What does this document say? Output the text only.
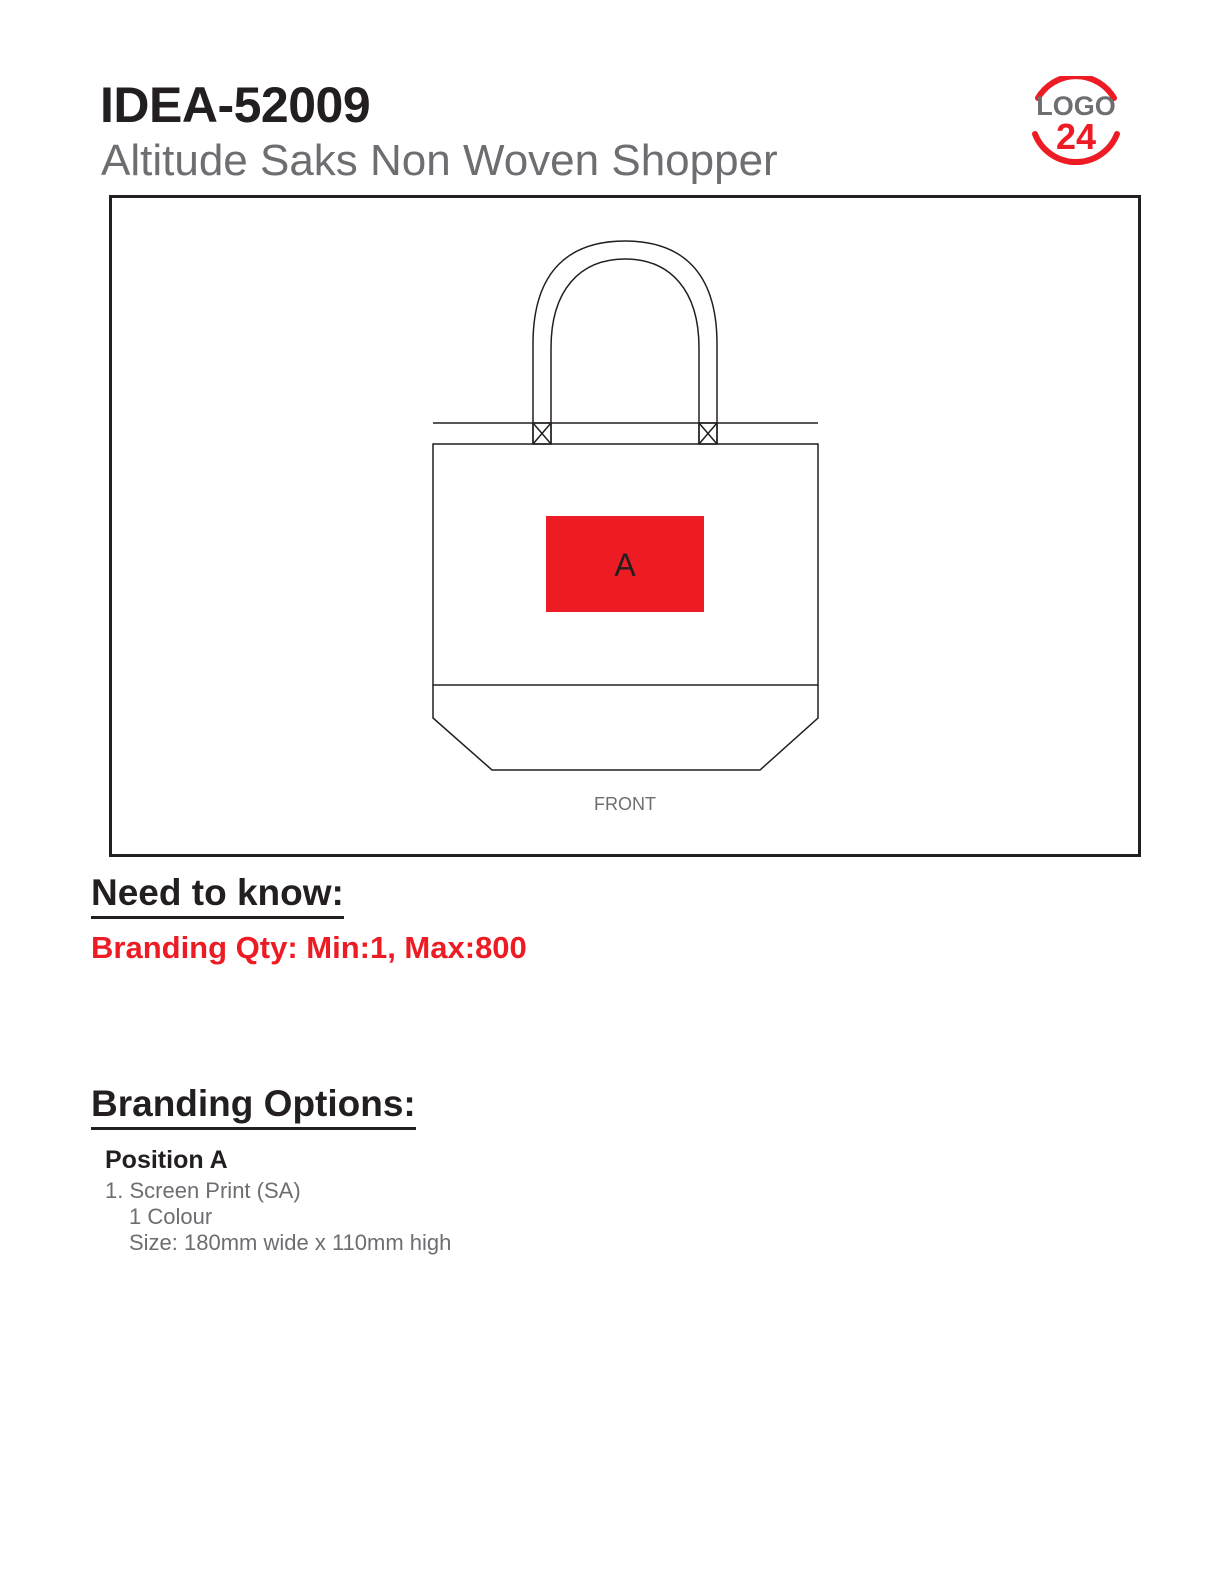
IDEA-52009
Altitude Saks Non Woven Shopper
LOGO
24
A
FRONT
Need to know:
Branding Qty: Min:1, Max:800
Branding Options:
Position A
1. Screen Print (SA)
1 Colour
Size: 180mm wide x 110mm high
